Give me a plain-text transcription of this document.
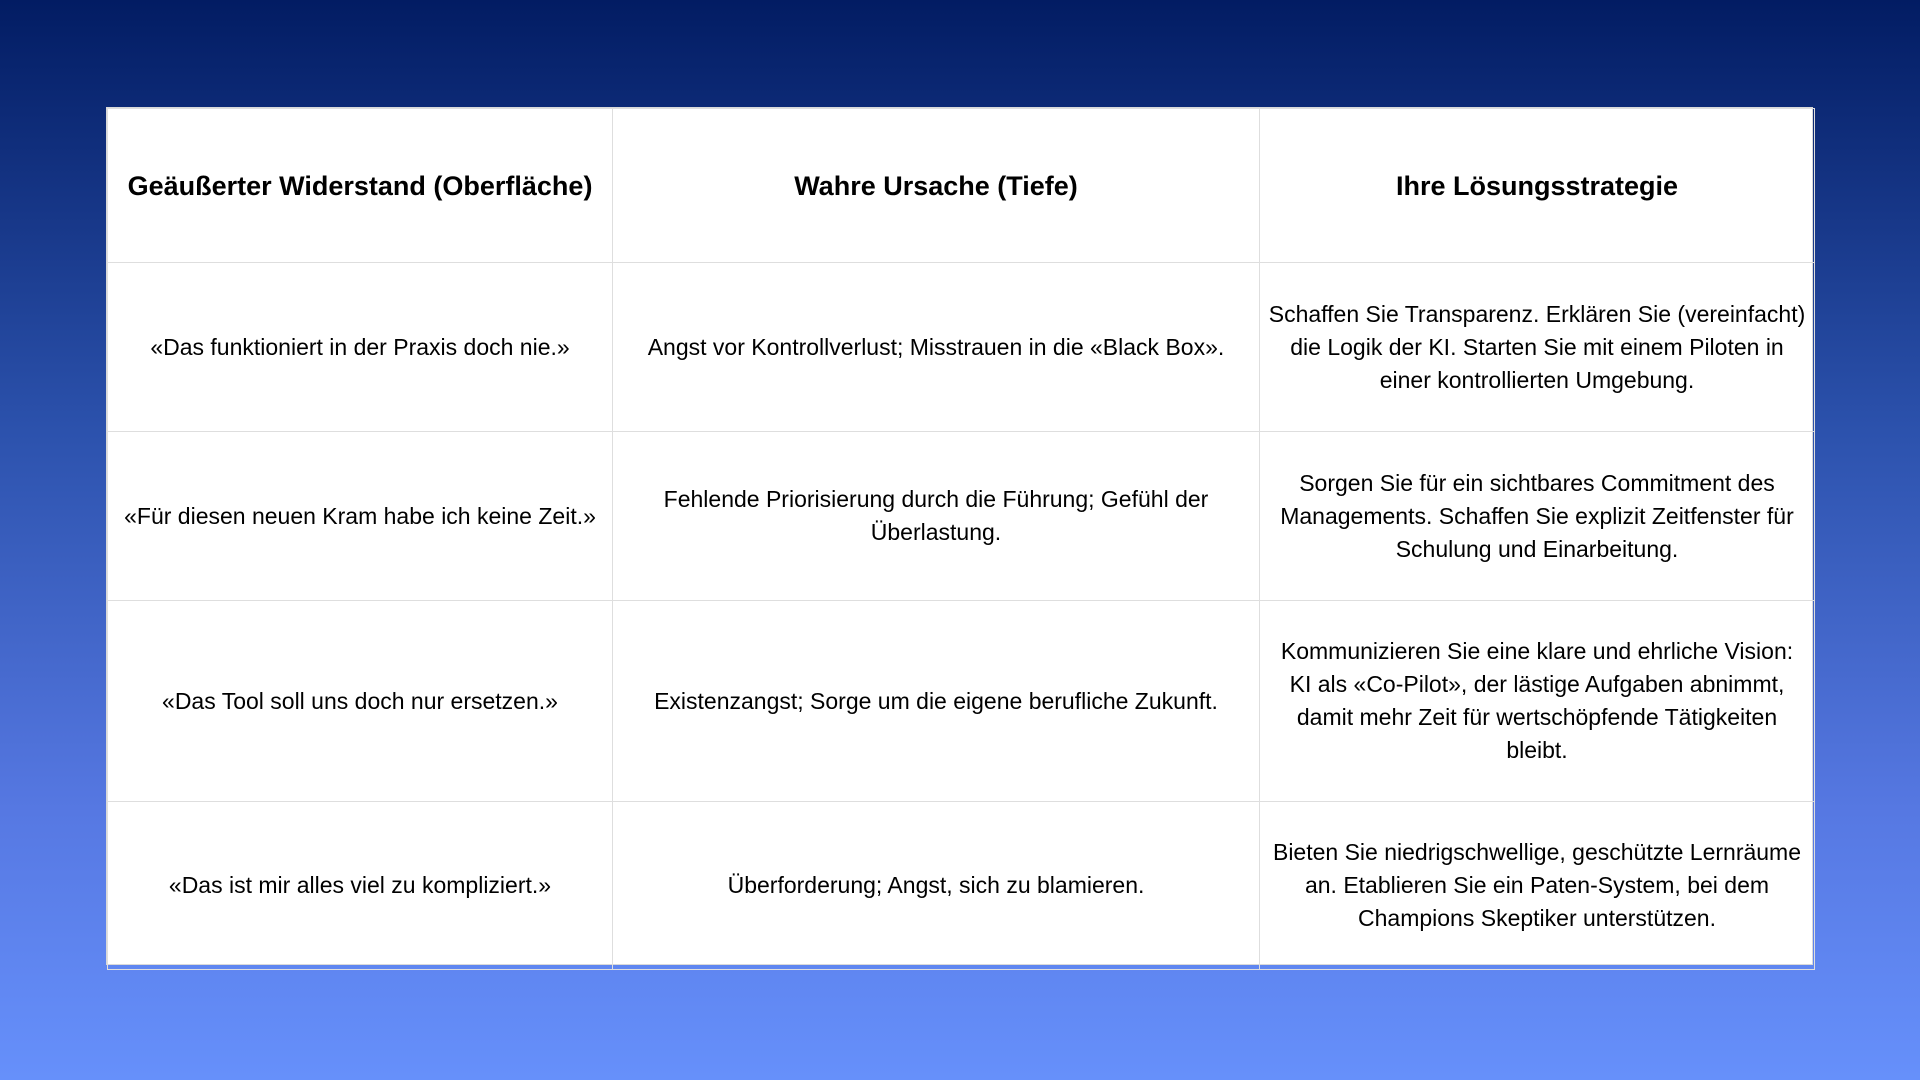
Geäußerter Widerstand (Oberfläche)	Wahre Ursache (Tiefe)	Ihre Lösungsstrategie
«Das funktioniert in der Praxis doch nie.»	Angst vor Kontrollverlust; Misstrauen in die «Black Box».	Schaffen Sie Transparenz. Erklären Sie (vereinfacht) die Logik der KI. Starten Sie mit einem Piloten in einer kontrollierten Umgebung.
«Für diesen neuen Kram habe ich keine Zeit.»	Fehlende Priorisierung durch die Führung; Gefühl der Überlastung.	Sorgen Sie für ein sichtbares Commitment des Managements. Schaffen Sie explizit Zeitfenster für Schulung und Einarbeitung.
«Das Tool soll uns doch nur ersetzen.»	Existenzangst; Sorge um die eigene berufliche Zukunft.	Kommunizieren Sie eine klare und ehrliche Vision: KI als «Co-Pilot», der lästige Aufgaben abnimmt, damit mehr Zeit für wertschöpfende Tätigkeiten bleibt.
«Das ist mir alles viel zu kompliziert.»	Überforderung; Angst, sich zu blamieren.	Bieten Sie niedrigschwellige, geschützte Lernräume an. Etablieren Sie ein Paten-System, bei dem Champions Skeptiker unterstützen.
